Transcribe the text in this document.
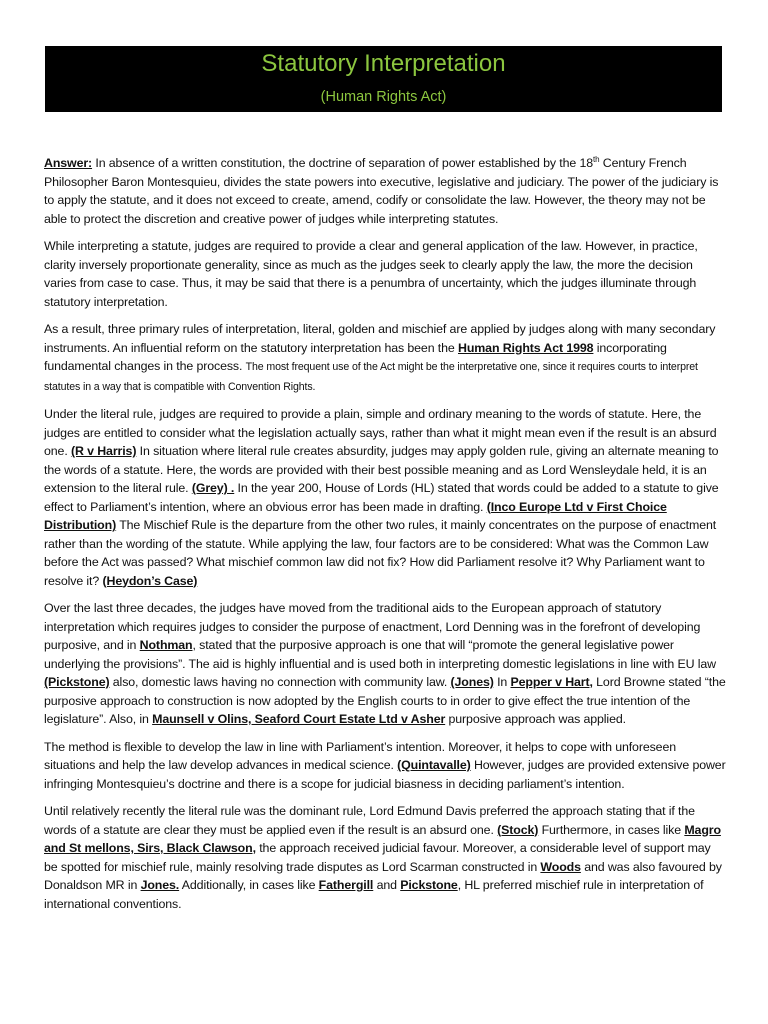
Statutory Interpretation
(Human Rights Act)

Answer: In absence of a written constitution, the doctrine of separation of power established by the 18th Century French Philosopher Baron Montesquieu, divides the state powers into executive, legislative and judiciary. The power of the judiciary is to apply the statute, and it does not exceed to create, amend, codify or consolidate the law. However, the theory may not be able to protect the discretion and creative power of judges while interpreting statutes.

While interpreting a statute, judges are required to provide a clear and general application of the law. However, in practice, clarity inversely proportionate generality, since as much as the judges seek to clearly apply the law, the more the decision varies from case to case. Thus, it may be said that there is a penumbra of uncertainty, which the judges illuminate through statutory interpretation.

As a result, three primary rules of interpretation, literal, golden and mischief are applied by judges along with many secondary instruments. An influential reform on the statutory interpretation has been the Human Rights Act 1998 incorporating fundamental changes in the process. The most frequent use of the Act might be the interpretative one, since it requires courts to interpret statutes in a way that is compatible with Convention Rights.

Under the literal rule, judges are required to provide a plain, simple and ordinary meaning to the words of statute. Here, the judges are entitled to consider what the legislation actually says, rather than what it might mean even if the result is an absurd one. (R v Harris) In situation where literal rule creates absurdity, judges may apply golden rule, giving an alternate meaning to the words of a statute. Here, the words are provided with their best possible meaning and as Lord Wensleydale held, it is an extension to the literal rule. (Grey) . In the year 200, House of Lords (HL) stated that words could be added to a statute to give effect to Parliament’s intention, where an obvious error has been made in drafting. (Inco Europe Ltd v First Choice Distribution) The Mischief Rule is the departure from the other two rules, it mainly concentrates on the purpose of enactment rather than the wording of the statute. While applying the law, four factors are to be considered: What was the Common Law before the Act was passed? What mischief common law did not fix? How did Parliament resolve it? Why Parliament want to resolve it? (Heydon’s Case)

Over the last three decades, the judges have moved from the traditional aids to the European approach of statutory interpretation which requires judges to consider the purpose of enactment, Lord Denning was in the forefront of developing purposive, and in Nothman, stated that the purposive approach is one that will “promote the general legislative power underlying the provisions”. The aid is highly influential and is used both in interpreting domestic legislations in line with EU law (Pickstone) also, domestic laws having no connection with community law. (Jones) In Pepper v Hart, Lord Browne stated “the purposive approach to construction is now adopted by the English courts to in order to give effect the true intention of the legislature”. Also, in Maunsell v Olins, Seaford Court Estate Ltd v Asher purposive approach was applied.

The method is flexible to develop the law in line with Parliament’s intention. Moreover, it helps to cope with unforeseen situations and help the law develop advances in medical science. (Quintavalle) However, judges are provided extensive power infringing Montesquieu’s doctrine and there is a scope for judicial biasness in deciding parliament’s intention.

Until relatively recently the literal rule was the dominant rule, Lord Edmund Davis preferred the approach stating that if the words of a statute are clear they must be applied even if the result is an absurd one. (Stock) Furthermore, in cases like Magro and St mellons, Sirs, Black Clawson, the approach received judicial favour. Moreover, a considerable level of support may be spotted for mischief rule, mainly resolving trade disputes as Lord Scarman constructed in Woods and was also favoured by Donaldson MR in Jones. Additionally, in cases like Fathergill and Pickstone, HL preferred mischief rule in interpretation of international conventions.
